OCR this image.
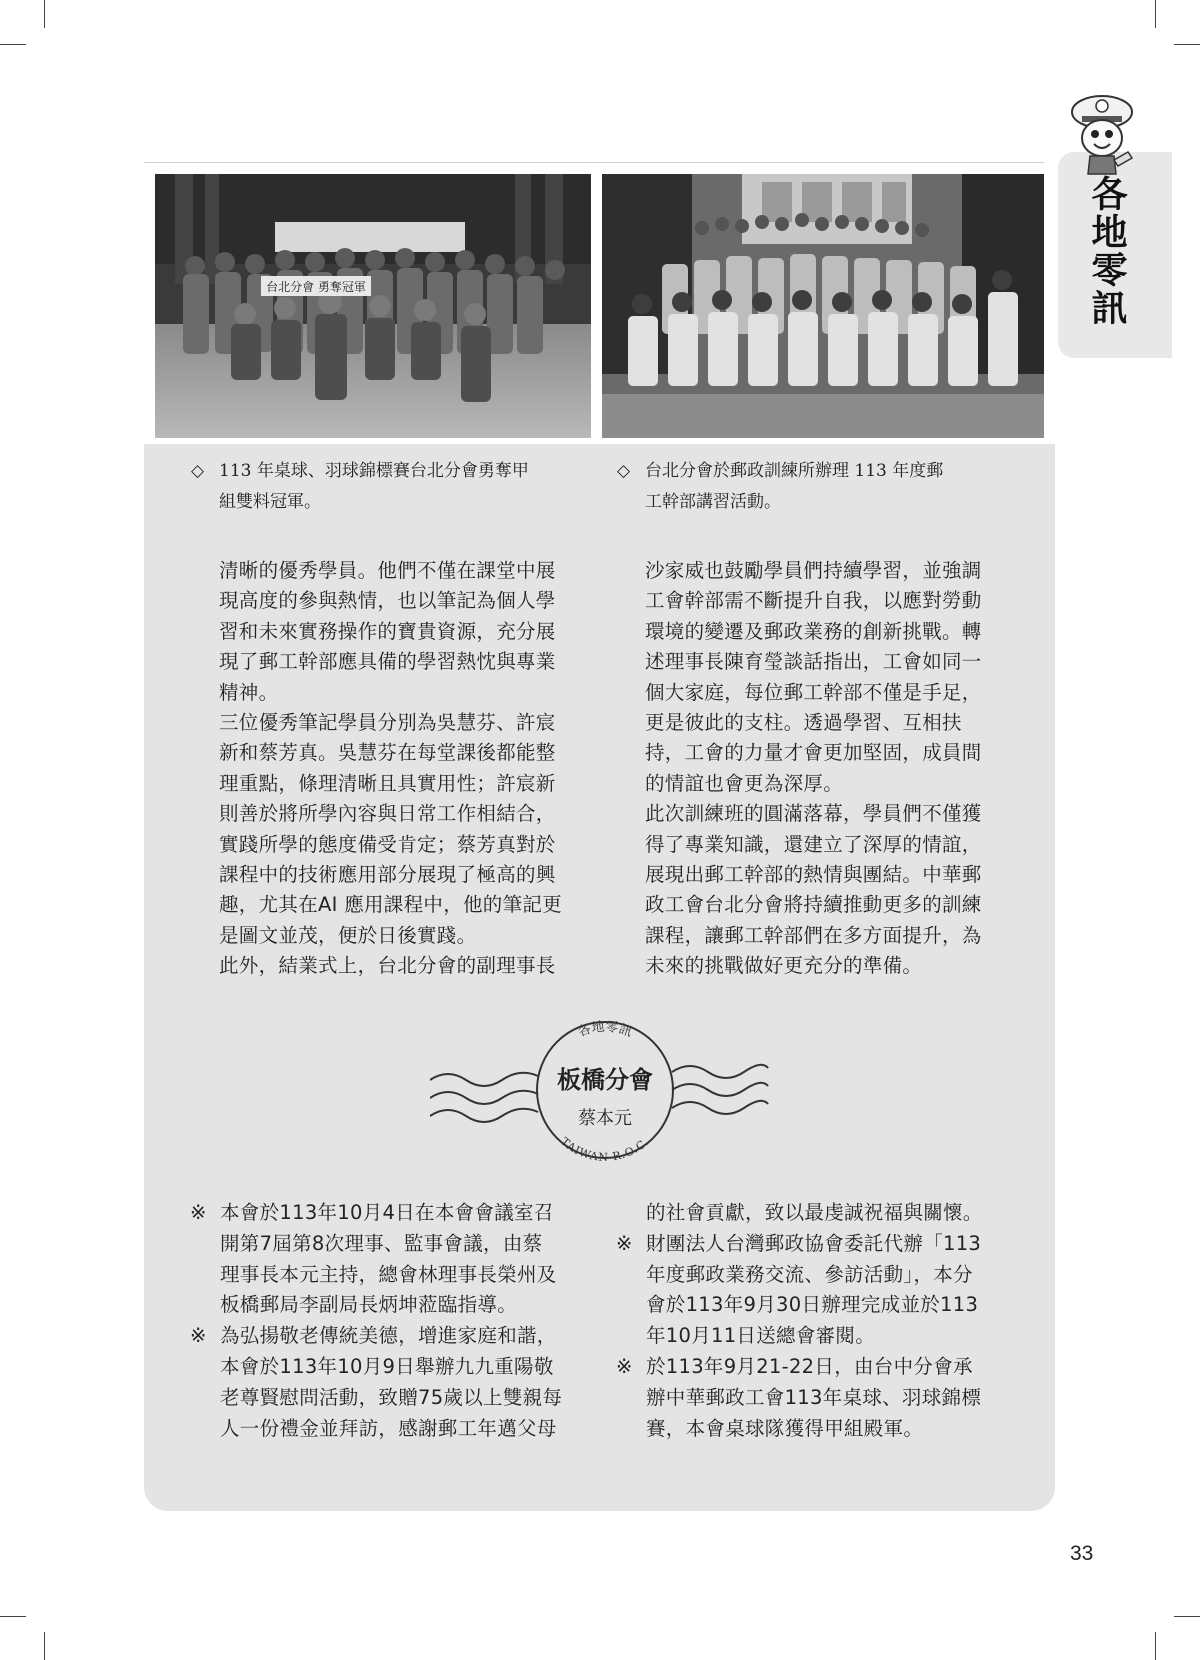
各地零訊
台北分會 勇奪冠軍
◇ 113 年桌球、羽球錦標賽台北分會勇奪甲
組雙料冠軍。
◇ 台北分會於郵政訓練所辦理 113 年度郵
工幹部講習活動。

清晰的優秀學員。他們不僅在課堂中展

現高度的參與熱情，也以筆記為個人學

習和未來實務操作的寶貴資源，充分展

現了郵工幹部應具備的學習熱忱與專業

精神。

三位優秀筆記學員分別為吳慧芬、許宸

新和蔡芳真。吳慧芬在每堂課後都能整

理重點，條理清晰且具實用性；許宸新

則善於將所學內容與日常工作相結合，

實踐所學的態度備受肯定；蔡芳真對於

課程中的技術應用部分展現了極高的興

趣，尤其在AI 應用課程中，他的筆記更

是圖文並茂，便於日後實踐。

此外，結業式上，台北分會的副理事長

沙家威也鼓勵學員們持續學習，並強調

工會幹部需不斷提升自我，以應對勞動

環境的變遷及郵政業務的創新挑戰。轉

述理事長陳育瑩談話指出，工會如同一

個大家庭，每位郵工幹部不僅是手足，

更是彼此的支柱。透過學習、互相扶

持，工會的力量才會更加堅固，成員間

的情誼也會更為深厚。

此次訓練班的圓滿落幕，學員們不僅獲

得了專業知識，還建立了深厚的情誼，

展現出郵工幹部的熱情與團結。中華郵

政工會台北分會將持續推動更多的訓練

課程，讓郵工幹部們在多方面提升，為

未來的挑戰做好更充分的準備。

各地零訊
板橋分會
蔡本元
TAIWAN R.O.C.
※ 本會於113年10月4日在本會會議室召
開第7屆第8次理事、監事會議，由蔡
理事長本元主持，總會林理事長榮州及
板橋郵局李副局長炳坤蒞臨指導。
※ 為弘揚敬老傳統美德，增進家庭和諧，
本會於113年10月9日舉辦九九重陽敬
老尊賢慰問活動，致贈75歲以上雙親每
人一份禮金並拜訪，感謝郵工年邁父母
的社會貢獻，致以最虔誠祝福與關懷。
※ 財團法人台灣郵政協會委託代辦「113
年度郵政業務交流、參訪活動」，本分
會於113年9月30日辦理完成並於113
年10月11日送總會審閱。
※ 於113年9月21-22日，由台中分會承
辦中華郵政工會113年桌球、羽球錦標
賽，本會桌球隊獲得甲組殿軍。
33
